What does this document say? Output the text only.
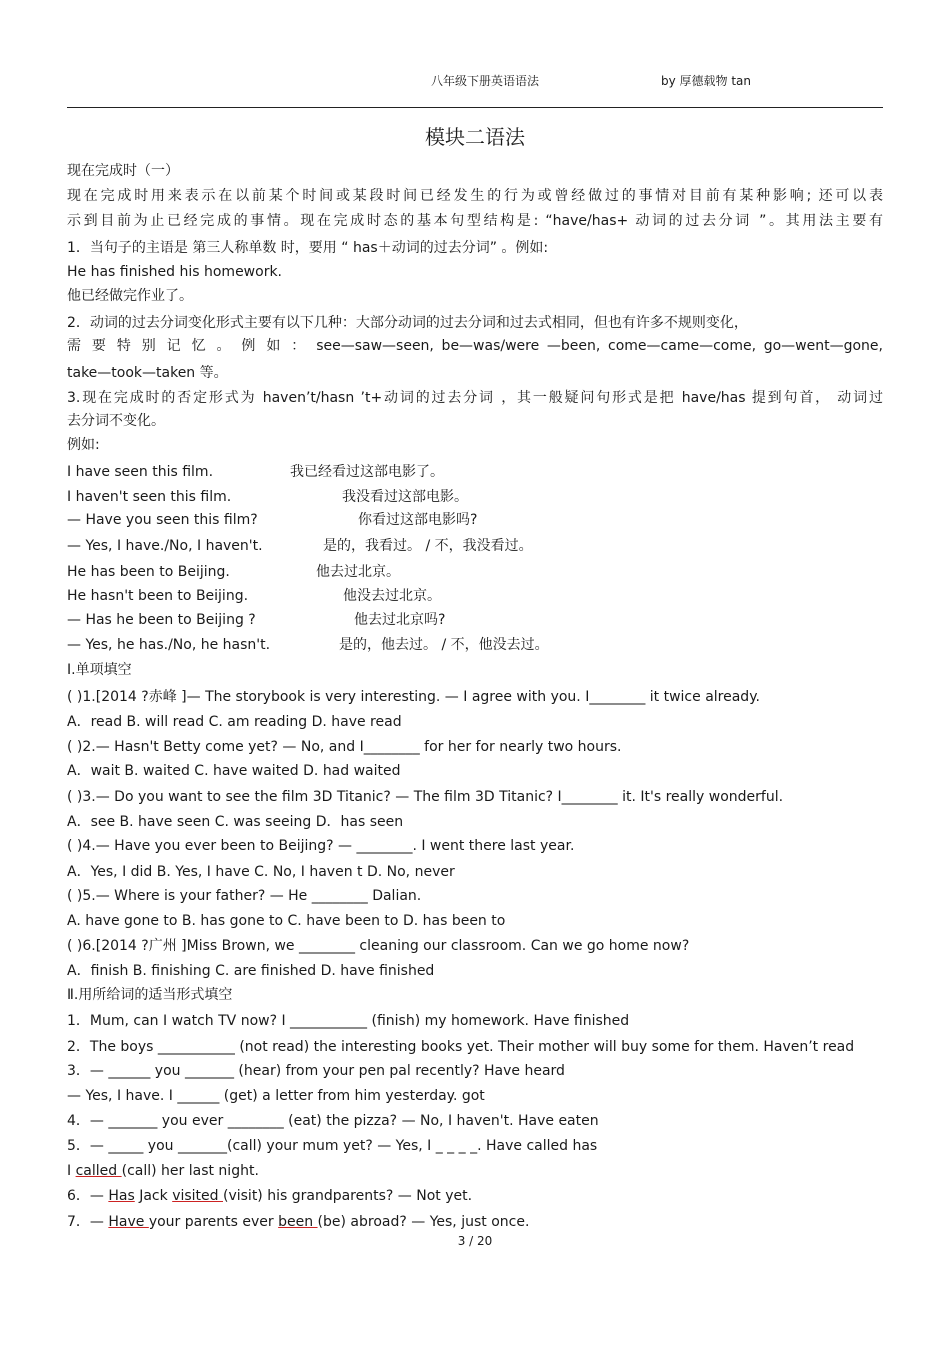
八年级下册英语语法	by 厚德载物 tan
模块二语法
现在完成时（一）
现在完成时用来表示在以前某个时间或某段时间已经发生的行为或曾经做过的事情对目前有某种影响; 还可以表
示到目前为止已经完成的事情。现在完成时态的基本句型结构是: “have/has+ 动词的过去分词 ”。其用法主要有
1．当句子的主语是 第三人称单数 时，要用 “ has＋动词的过去分词” 。例如:
He has finished his homework.
他已经做完作业了。
2．动词的过去分词变化形式主要有以下几种：大部分动词的过去分词和过去式相同，但也有许多不规则变化，
需 要 特 别 记 忆 。 例 如 ： see—saw—seen, be—was/were —been, come—came—come, go—went—gone,
take—took—taken 等。
3.现在完成时的否定形式为 haven’t/hasn ’t+动词的过去分词 ，其一般疑问句形式是把 have/has 提到句首， 动词过
去分词不变化。
例如:
I have seen this film.	我已经看过这部电影了。
I haven't seen this film.	我没看过这部电影。
— Have you seen this film?	你看过这部电影吗?
— Yes, I have./No, I haven't.	是的，我看过。 / 不，我没看过。
He has been to Beijing.	他去过北京。
He hasn't been to Beijing.	他没去过北京。
— Has he been to Beijing ?	他去过北京吗?
— Yes, he has./No, he hasn't.	是的，他去过。 / 不，他没去过。
Ⅰ.单项填空
( )1.[2014 ?赤峰 ]— The storybook is very interesting. — I agree with you. I________ it twice already.
A．read B. will read C. am reading D. have read
( )2.— Hasn't Betty come yet? — No, and I________ for her for nearly two hours.
A．wait B. waited C. have waited D. had waited
( )3.— Do you want to see the film 3D Titanic? — The film 3D Titanic? I________ it. It's really wonderful.
A．see B. have seen C. was seeing D．has seen
( )4.— Have you ever been to Beijing? — ________. I went there last year.
A．Yes, I did B. Yes, I have C. No, I haven t D. No, never
( )5.— Where is your father? — He ________ Dalian.
A. have gone to B. has gone to C. have been to D. has been to
( )6.[2014 ?广州 ]Miss Brown, we ________ cleaning our classroom. Can we go home now?
A．finish B. finishing C. are finished D. have finished
Ⅱ.用所给词的适当形式填空
1．Mum, can I watch TV now? I ___________ (finish) my homework. Have finished
2．The boys ___________ (not read) the interesting books yet. Their mother will buy some for them. Haven’t read
3．— ______ you _______ (hear) from your pen pal recently? Have heard
— Yes, I have. I ______ (get) a letter from him yesterday. got
4．— _______ you ever ________ (eat) the pizza? — No, I haven't. Have eaten
5．— _____ you _______(call) your mum yet? — Yes, I _ _ _ _. Have called has
I called (call) her last night.
6．— Has Jack visited (visit) his grandparents? — Not yet.
7．— Have your parents ever been (be) abroad? — Yes, just once.
3 / 20
